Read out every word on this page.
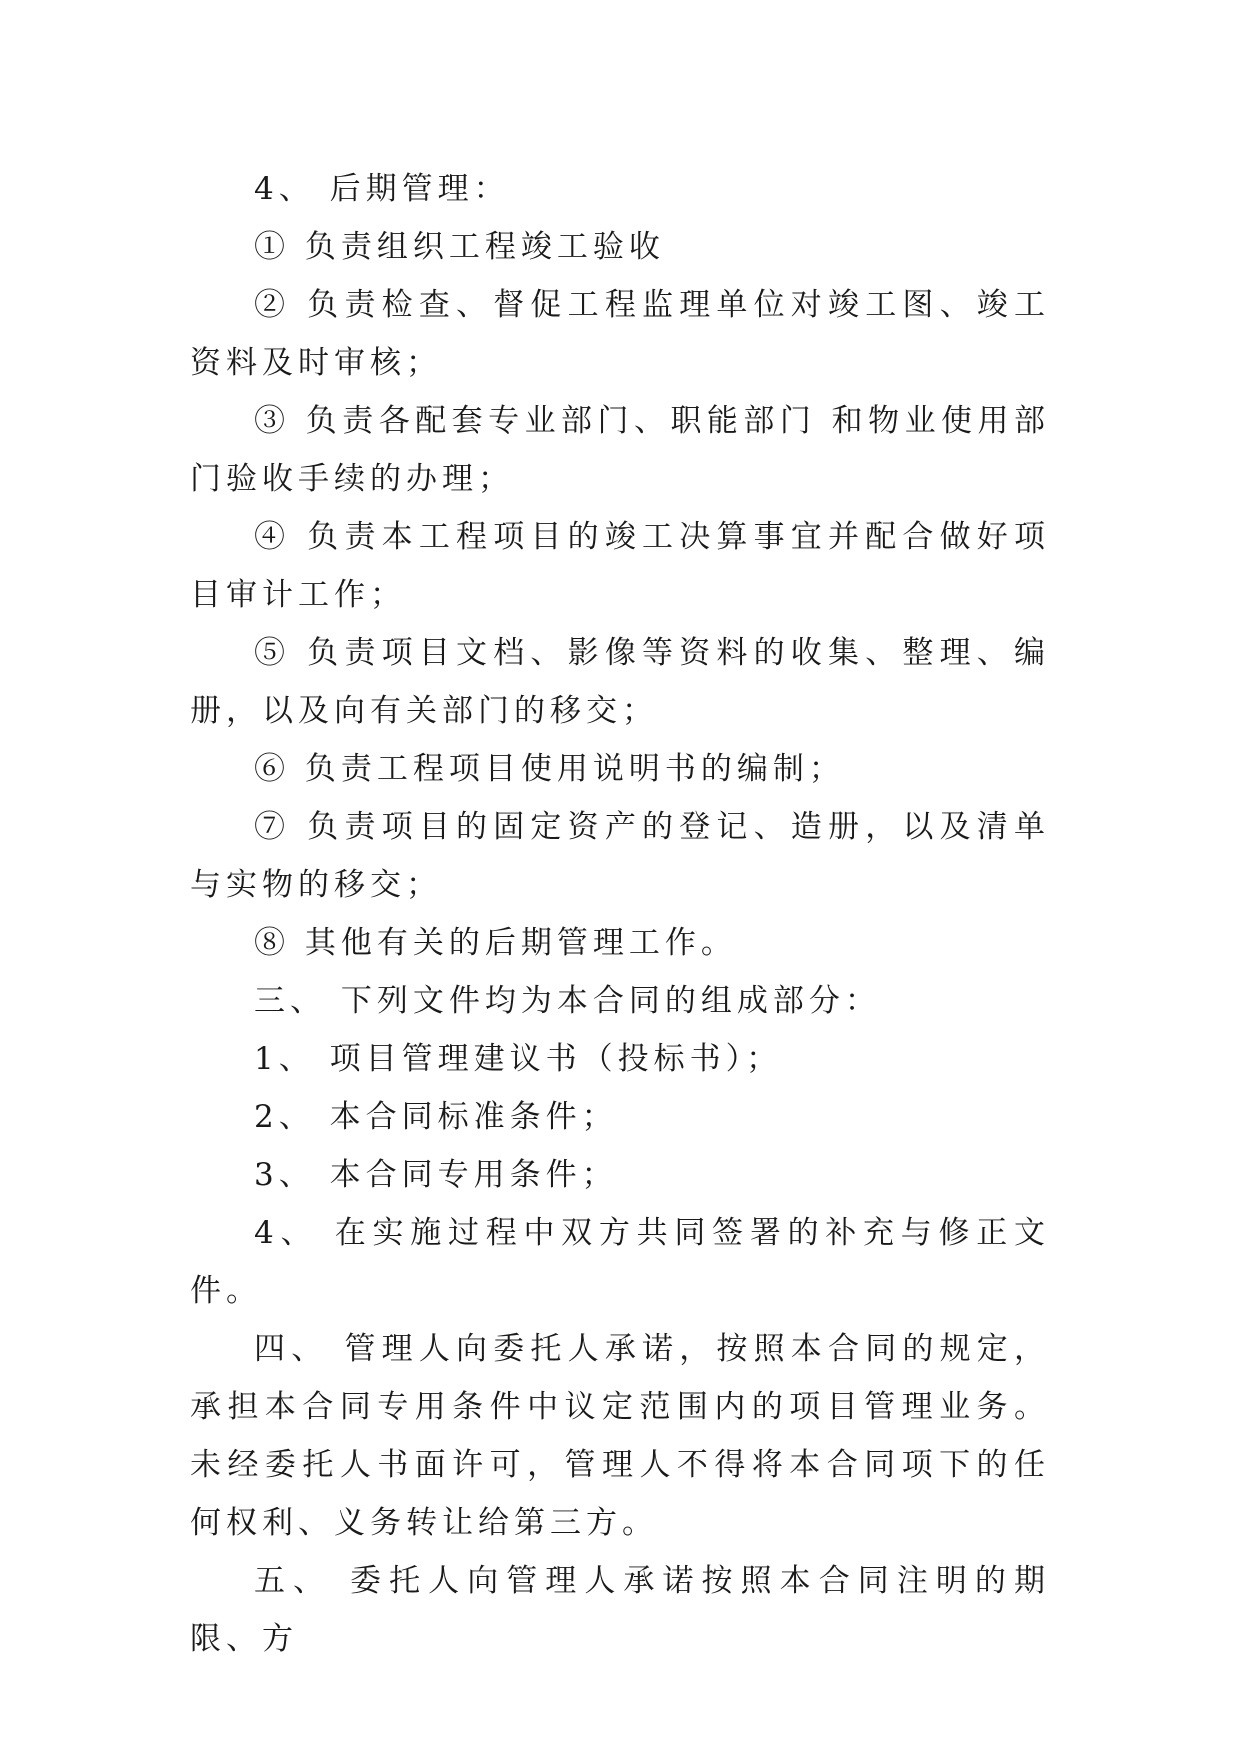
4、 后期管理：

① 负责组织工程竣工验收

② 负责检查、督促工程监理单位对竣工图、竣工资料及时审核；

③ 负责各配套专业部门、职能部门 和物业使用部门验收手续的办理；

④ 负责本工程项目的竣工决算事宜并配合做好项目审计工作；

⑤ 负责项目文档、影像等资料的收集、整理、编册，以及向有关部门的移交；

⑥ 负责工程项目使用说明书的编制；

⑦ 负责项目的固定资产的登记、造册，以及清单与实物的移交；

⑧ 其他有关的后期管理工作。

三、 下列文件均为本合同的组成部分：

1、 项目管理建议书（投标书）；

2、 本合同标准条件；

3、 本合同专用条件；

4、 在实施过程中双方共同签署的补充与修正文件。

四、 管理人向委托人承诺，按照本合同的规定，承担本合同专用条件中议定范围内的项目管理业务。未经委托人书面许可，管理人不得将本合同项下的任何权利、义务转让给第三方。

五、 委托人向管理人承诺按照本合同注明的期限、方
